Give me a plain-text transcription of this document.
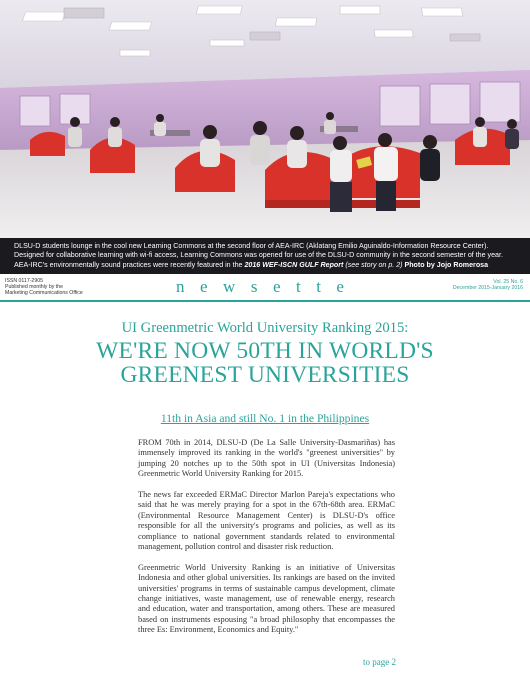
DLSU-D students lounge in the cool new Learning Commons at the second floor of AEA-IRC (Aklatang Emilio Aguinaldo-Information Resource Center). Designed for collaborative learning with wi-fi access, Learning Commons was opened for use of the DLSU-D community in the second semester of the year. AEA-IRC's environmentally sound practices were recently featured in the 2016 WEF-ISCN GULF Report (see story on p. 2) Photo by Jojo Romerosa
ISSN 0117-2905
Published monthly by the
Marketing Communications Office	newsette	Vol. 25 No. 6
December 2015-January 2016
UI Greenmetric World University Ranking 2015:
WE'RE NOW 50TH IN WORLD'S
GREENEST UNIVERSITIES
11th in Asia and still No. 1 in the Philippines

FROM 70th in 2014, DLSU-D (De La Salle University-Dasmariñas) has immensely improved its ranking in the world's "greenest universities" by jumping 20 notches up to the 50th spot in UI (Universitas Indonesia) Greenmetric World University Ranking for 2015.

The news far exceeded ERMaC Director Marlon Pareja's expectations who said that he was merely praying for a spot in the 67th-68th area. ERMaC (Environmental Resource Management Center) is DLSU-D's office responsible for all the university's programs and policies, as well as its compliance to national government standards related to environmental management, pollution control and disaster risk reduction.

Greenmetric World University Ranking is an initiative of Universitas Indonesia and other global universities. Its rankings are based on the invited universities' programs in terms of sustainable campus development, climate change initiatives, waste management, use of renewable energy, research and education, water and transportation, among others. These are measured based on instruments espousing "a broad philosophy that encompasses the three Es: Environment, Economics and Equity."

to page 2
